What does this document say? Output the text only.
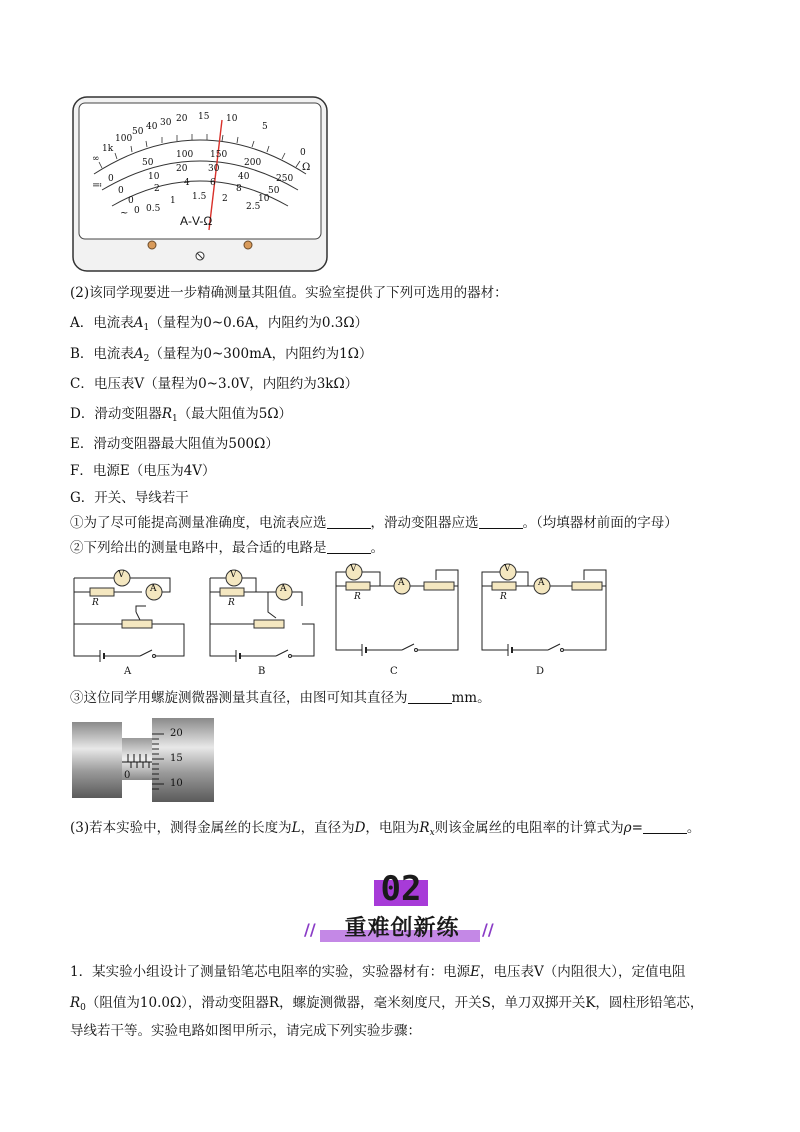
∞
1k
100
50 40 30 20 15 10
5
0
Ω
0
50
100 150
200
250
0
10
20 30
40
50
0
2
4 6
8
10
0 0.5
1 1.5 2
2.5
≕
~
A-V-Ω
(2)该同学现要进一步精确测量其阻值。实验室提供了下列可选用的器材：
A．电流表$A_1$（量程为0~0.6A，内阻约为0.3Ω）
B．电流表$A_2$（量程为0~300mA，内阻约为1Ω）
C．电压表V（量程为0~3.0V，内阻约为3kΩ）
D．滑动变阻器$R_1$（最大阻值为5Ω）
E．滑动变阻器最大阻值为500Ω）
F．电源E（电压为4V）
G．开关、导线若干
①为了尽可能提高测量准确度，电流表应选	，滑动变阻器应选	。（均填器材前面的字母）
②下列给出的测量电路中，最合适的电路是	。
V
A
R
A
V
A
R
B
V
A
R
C
V
A
R
D
③这位同学用螺旋测微器测量其直径，由图可知其直径为	mm。
20
15
10
0
(3)若本实验中，测得金属丝的长度为L，直径为D，电阻为$R_x$则该金属丝的电阻率的计算式为ρ=	。
02
//	//
重难创新练
1．某实验小组设计了测量铅笔芯电阻率的实验，实验器材有：电源E，电压表V（内阻很大），定值电阻
$R_0$（阻值为10.0Ω），滑动变阻器R，螺旋测微器，毫米刻度尺，开关S，单刀双掷开关K，圆柱形铅笔芯，
导线若干等。实验电路如图甲所示，请完成下列实验步骤：
